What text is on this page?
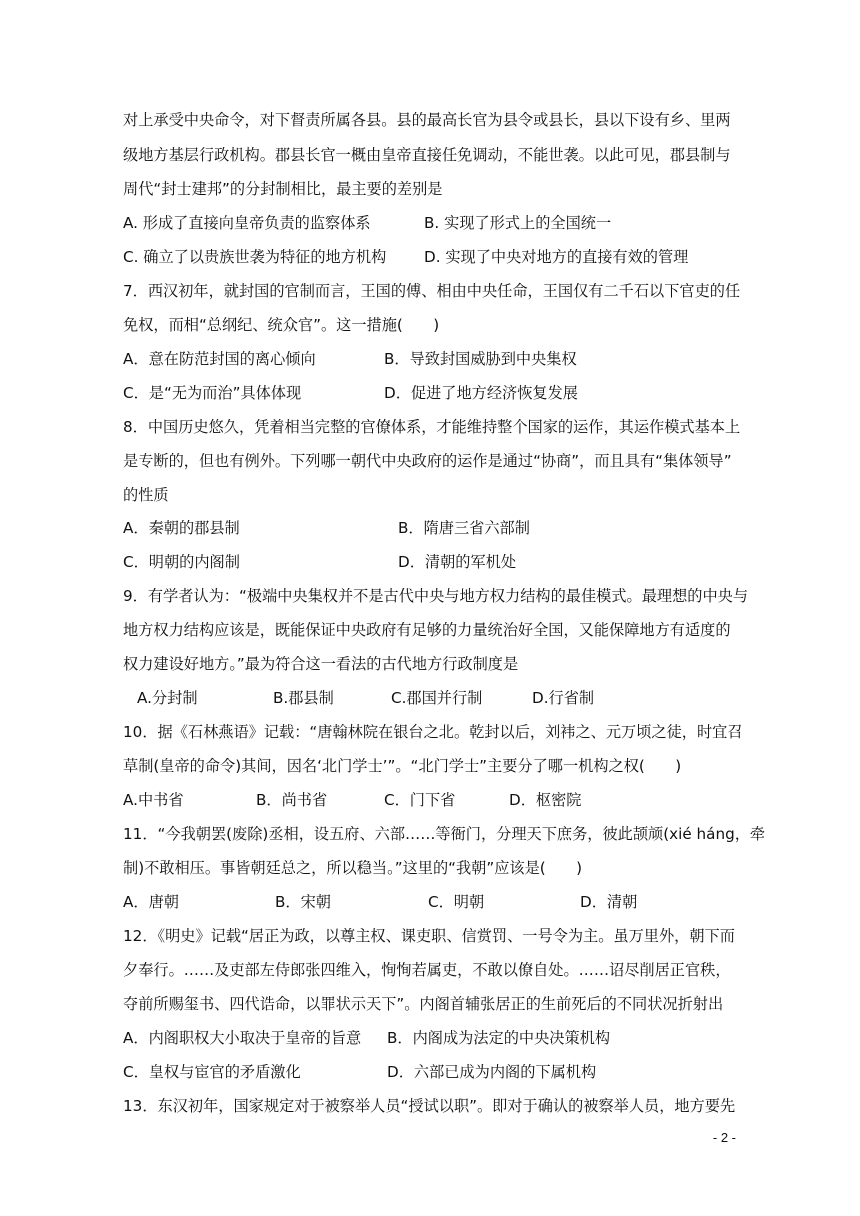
对上承受中央命令，对下督责所属各县。县的最高长官为县令或县长，县以下设有乡、里两
级地方基层行政机构。郡县长官一概由皇帝直接任免调动，不能世袭。以此可见，郡县制与
周代“封士建邦”的分封制相比，最主要的差别是
A. 形成了直接向皇帝负责的监察体系	B. 实现了形式上的全国统一
C. 确立了以贵族世袭为特征的地方机构 D. 实现了中央对地方的直接有效的管理
7．西汉初年，就封国的官制而言，王国的傅、相由中央任命，王国仅有二千石以下官吏的任
免权，而相“总纲纪、统众官”。这一措施(　　)
A．意在防范封国的离心倾向	B．导致封国威胁到中央集权
C．是“无为而治”具体体现	D．促进了地方经济恢复发展
8．中国历史悠久，凭着相当完整的官僚体系，才能维持整个国家的运作，其运作模式基本上
是专断的，但也有例外。下列哪一朝代中央政府的运作是通过“协商”，而且具有“集体领导”
的性质
A．秦朝的郡县制	B．隋唐三省六部制
C．明朝的内阁制	D．清朝的军机处
9．有学者认为：“极端中央集权并不是古代中央与地方权力结构的最佳模式。最理想的中央与
地方权力结构应该是，既能保证中央政府有足够的力量统治好全国，又能保障地方有适度的
权力建设好地方。”最为符合这一看法的古代地方行政制度是
A.分封制	B.郡县制	C.郡国并行制	D.行省制
10．据《石林燕语》记载：“唐翰林院在银台之北。乾封以后，刘袆之、元万顷之徒，时宜召
草制(皇帝的命令)其间，因名‘北门学士’”。“北门学士”主要分了哪一机构之权(　　)
A.中书省	B．尚书省	C．门下省	D．枢密院
11．“今我朝罢(废除)丞相，设五府、六部……等衙门，分理天下庶务，彼此颉颃(xié háng，牵
制)不敢相压。事皆朝廷总之，所以稳当。”这里的“我朝”应该是(　　)
A．唐朝	B．宋朝	C．明朝	D．清朝
12．《明史》记载“居正为政，以尊主权、课吏职、信赏罚、一号令为主。虽万里外，朝下而
夕奉行。……及吏部左侍郎张四维入，恂恂若属吏，不敢以僚自处。……诏尽削居正官秩，
夺前所赐玺书、四代诰命，以罪状示天下”。内阁首辅张居正的生前死后的不同状况折射出
A．内阁职权大小取决于皇帝的旨意 B．内阁成为法定的中央决策机构
C．皇权与宦官的矛盾激化	D．六部已成为内阁的下属机构
13．东汉初年，国家规定对于被察举人员“授试以职”。即对于确认的被察举人员，地方要先
- 2 -
